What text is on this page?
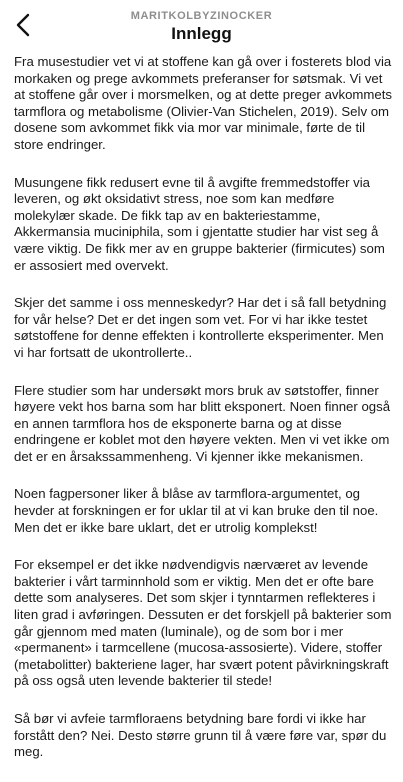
MARITKOLBYZINOCKER
Innlegg

Fra musestudier vet vi at stoffene kan gå over i fosterets blod via morkaken og prege avkommets preferanser for søtsmak. Vi vet at stoffene går over i morsmelken, og at dette preger avkommets tarmflora og metabolisme (Olivier-Van Stichelen, 2019). Selv om dosene som avkommet fikk via mor var minimale, førte de til store endringer.

Musungene fikk redusert evne til å avgifte fremmedstoffer via leveren, og økt oksidativt stress, noe som kan medføre molekylær skade. De fikk tap av en bakteriestamme, Akkermansia muciniphila, som i gjentatte studier har vist seg å være viktig. De fikk mer av en gruppe bakterier (firmicutes) som er assosiert med overvekt.

Skjer det samme i oss menneskedyr? Har det i så fall betydning for vår helse? Det er det ingen som vet. For vi har ikke testet søtstoffene for denne effekten i kontrollerte eksperimenter. Men vi har fortsatt de ukontrollerte..

Flere studier som har undersøkt mors bruk av søtstoffer, finner høyere vekt hos barna som har blitt eksponert. Noen finner også en annen tarmflora hos de eksponerte barna og at disse endringene er koblet mot den høyere vekten. Men vi vet ikke om det er en årsakssammenheng. Vi kjenner ikke mekanismen.

Noen fagpersoner liker å blåse av tarmflora-argumentet, og hevder at forskningen er for uklar til at vi kan bruke den til noe. Men det er ikke bare uklart, det er utrolig komplekst!

For eksempel er det ikke nødvendigvis nærværet av levende bakterier i vårt tarminnhold som er viktig. Men det er ofte bare dette som analyseres. Det som skjer i tynntarmen reflekteres i liten grad i avføringen. Dessuten er det forskjell på bakterier som går gjennom med maten (luminale), og de som bor i mer «permanent» i tarmcellene (mucosa-assosierte). Videre, stoffer (metabolitter) bakteriene lager, har svært potent påvirkningskraft på oss også uten levende bakterier til stede!

Så bør vi avfeie tarmfloraens betydning bare fordi vi ikke har forstått den? Nei. Desto større grunn til å være føre var, spør du meg.
